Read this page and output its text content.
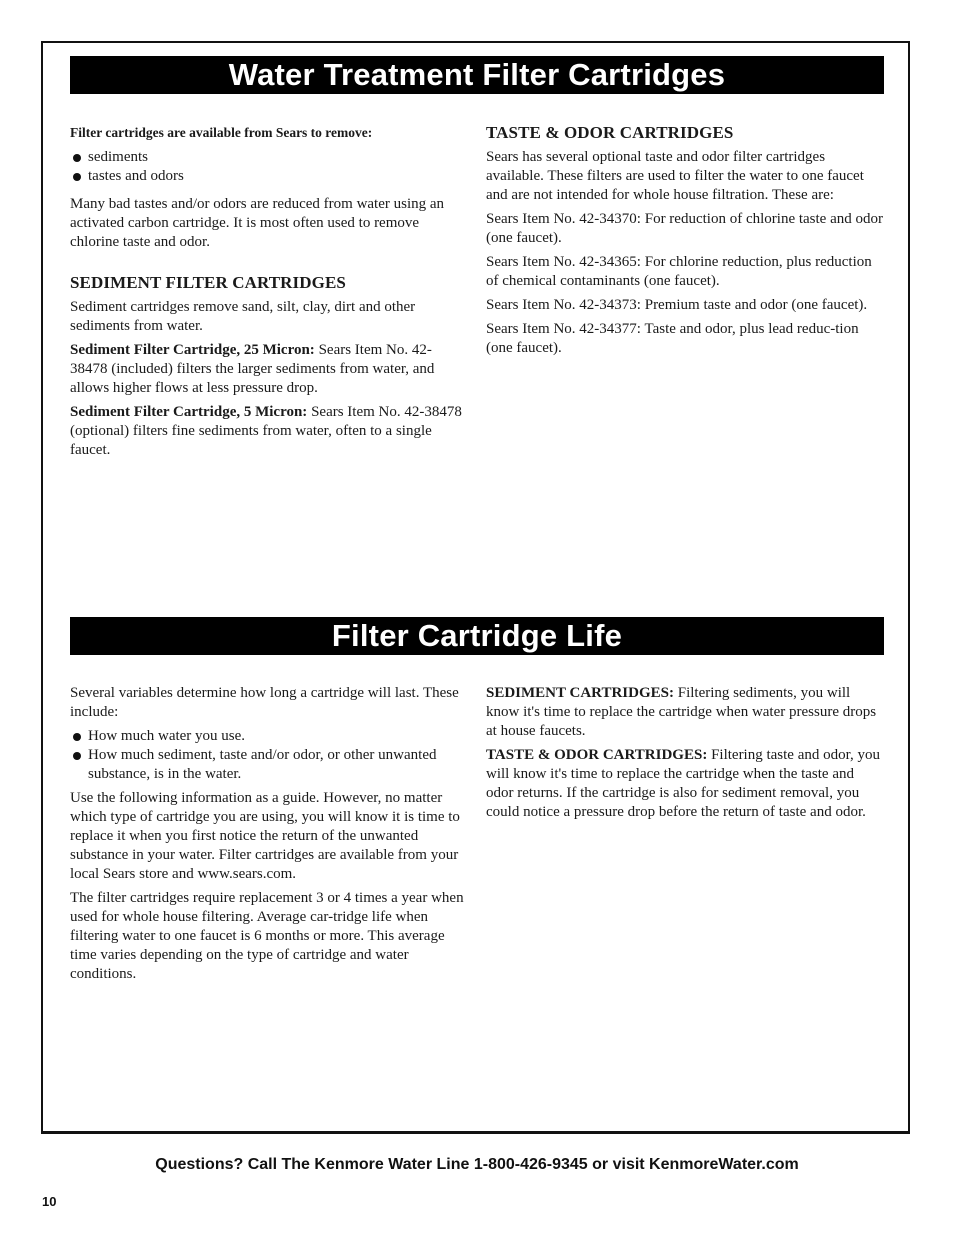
Water Treatment Filter Cartridges

Filter cartridges are available from Sears to remove:

sediments
tastes and odors

Many bad tastes and/or odors are reduced from water using an activated carbon cartridge. It is most often used to remove chlorine taste and odor.

SEDIMENT FILTER CARTRIDGES

Sediment cartridges remove sand, silt, clay, dirt and other sediments from water.

Sediment Filter Cartridge, 25 Micron: Sears Item No. 42-38478 (included) filters the larger sediments from water, and allows higher flows at less pressure drop.

Sediment Filter Cartridge, 5 Micron: Sears Item No. 42-38478 (optional) filters fine sediments from water, often to a single faucet.

TASTE & ODOR CARTRIDGES

Sears has several optional taste and odor filter cartridges available. These filters are used to filter the water to one faucet and are not intended for whole house filtration. These are:

Sears Item No. 42-34370: For reduction of chlorine taste and odor (one faucet).

Sears Item No. 42-34365: For chlorine reduction, plus reduction of chemical contaminants (one faucet).

Sears Item No. 42-34373: Premium taste and odor (one faucet).

Sears Item No. 42-34377: Taste and odor, plus lead reduc-tion (one faucet).

Filter Cartridge Life

Several variables determine how long a cartridge will last. These include:

How much water you use.
How much sediment, taste and/or odor, or other unwanted substance, is in the water.

Use the following information as a guide. However, no matter which type of cartridge you are using, you will know it is time to replace it when you first notice the return of the unwanted substance in your water. Filter cartridges are available from your local Sears store and www.sears.com.

The filter cartridges require replacement 3 or 4 times a year when used for whole house filtering. Average car-tridge life when filtering water to one faucet is 6 months or more. This average time varies depending on the type of cartridge and water conditions.

SEDIMENT CARTRIDGES: Filtering sediments, you will know it's time to replace the cartridge when water pressure drops at house faucets.

TASTE & ODOR CARTRIDGES: Filtering taste and odor, you will know it's time to replace the cartridge when the taste and odor returns. If the cartridge is also for sediment removal, you could notice a pressure drop before the return of taste and odor.

Questions? Call The Kenmore Water Line 1-800-426-9345 or visit KenmoreWater.com
10
